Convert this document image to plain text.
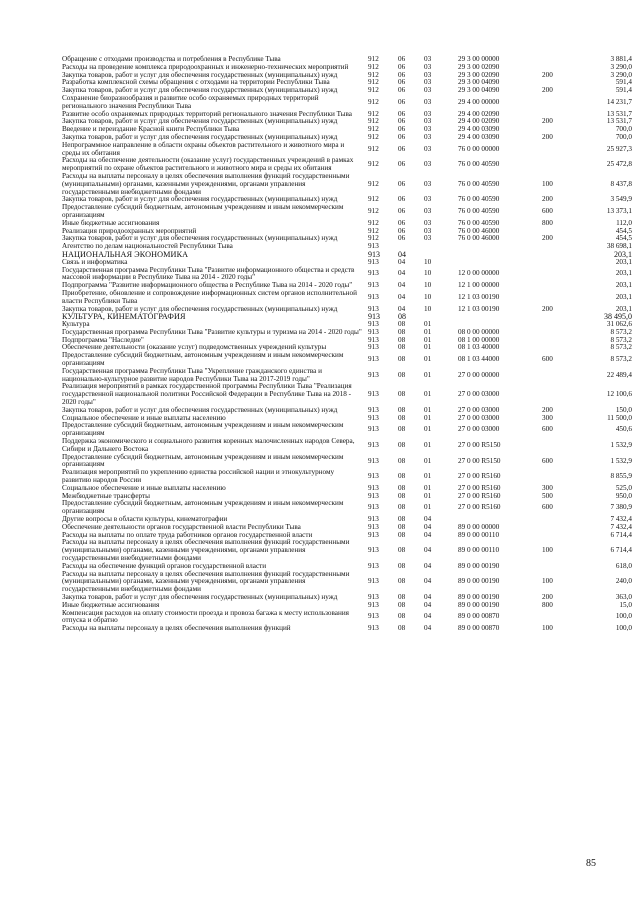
Обращение с отходами производства и потребления в Республике Тыва	912	06	03	29 3 00 00000		3 881,4
Расходы на проведение комплекса природоохранных и инженерно-технических мероприятий	912	06	03	29 3 00 02090		3 290,0
Закупка товаров, работ и услуг для обеспечения государственных (муниципальных) нужд	912	06	03	29 3 00 02090	200	3 290,0
Разработка комплексной схемы обращения с отходами на территории Республики Тыва	912	06	03	29 3 00 04090		591,4
Закупка товаров, работ и услуг для обеспечения государственных (муниципальных) нужд	912	06	03	29 3 00 04090	200	591,4
Сохранение биоразнообразия и развитие особо охраняемых природных территорий регионального значения Республики Тыва	912	06	03	29 4 00 00000		14 231,7
Развитие особо охраняемых природных территорий регионального значения Республики Тыва	912	06	03	29 4 00 02090		13 531,7
Закупка товаров, работ и услуг для обеспечения государственных (муниципальных) нужд	912	06	03	29 4 00 02090	200	13 531,7
Введение и переиздание Красной книги Республики Тыва	912	06	03	29 4 00 03090		700,0
Закупка товаров, работ и услуг для обеспечения государственных (муниципальных) нужд	912	06	03	29 4 00 03090	200	700,0
Непрограммное направление в области охраны объектов растительного и животного мира и среды их обитания	912	06	03	76 0 00 00000		25 927,3
Расходы на обеспечение деятельности (оказание услуг) государственных учреждений в рамках мероприятий по охране объектов растительного и животного мира и среды их обитания	912	06	03	76 0 00 40590		25 472,8
Расходы на выплаты персоналу в целях обеспечения выполнения функций государственными (муниципальными) органами, казенными учреждениями, органами управления государственными внебюджетными фондами	912	06	03	76 0 00 40590	100	8 437,8
Закупка товаров, работ и услуг для обеспечения государственных (муниципальных) нужд	912	06	03	76 0 00 40590	200	3 549,9
Предоставление субсидий бюджетным, автономным учреждениям и иным некоммерческим организациям	912	06	03	76 0 00 40590	600	13 373,1
Иные бюджетные ассигнования	912	06	03	76 0 00 40590	800	112,0
Реализация природоохранных мероприятий	912	06	03	76 0 00 46000		454,5
Закупка товаров, работ и услуг для обеспечения государственных (муниципальных) нужд	912	06	03	76 0 00 46000	200	454,5
Агентство по делам национальностей Республики Тыва	913					38 698,1
НАЦИОНАЛЬНАЯ ЭКОНОМИКА	913	04				203,1
Связь и информатика	913	04	10			203,1
Государственная программа Республики Тыва "Развитие информационного общества и средств массовой информации в Республике Тыва на 2014 - 2020 годы"	913	04	10	12 0 00 00000		203,1
Подпрограмма "Развитие информационного общества в Республике Тыва на 2014 - 2020 годы"	913	04	10	12 1 00 00000		203,1
Приобретение, обновление и сопровождение информационных систем органов исполнительной власти Республики Тыва	913	04	10	12 1 03 00190		203,1
Закупка товаров, работ и услуг для обеспечения государственных (муниципальных) нужд	913	04	10	12 1 03 00190	200	203,1
КУЛЬТУРА, КИНЕМАТОГРАФИЯ	913	08				38 495,0
Культура	913	08	01			31 062,6
Государственная программа Республики Тыва "Развитие культуры и туризма на 2014 - 2020 годы"	913	08	01	08 0 00 00000		8 573,2
Подпрограмма "Наследие"	913	08	01	08 1 00 00000		8 573,2
Обеспечение деятельности (оказание услуг) подведомственных учреждений культуры	913	08	01	08 1 03 40000		8 573,2
Предоставление субсидий бюджетным, автономным учреждениям и иным некоммерческим организациям	913	08	01	08 1 03 44000	600	8 573,2
Государственная программа Республики Тыва "Укрепление гражданского единства и национально-культурное развитие народов Республики Тыва на 2017-2019 годы"	913	08	01	27 0 00 00000		22 489,4
Реализация мероприятий в рамках государственной программы Республики Тыва "Реализация государственной национальной политики Российской Федерации в Республике Тыва на 2018 - 2020 годы"	913	08	01	27 0 00 03000		12 100,6
Закупка товаров, работ и услуг для обеспечения государственных (муниципальных) нужд	913	08	01	27 0 00 03000	200	150,0
Социальное обеспечение и иные выплаты населению	913	08	01	27 0 00 03000	300	11 500,0
Предоставление субсидий бюджетным, автономным учреждениям и иным некоммерческим организациям	913	08	01	27 0 00 03000	600	450,6
Поддержка экономического и социального развития коренных малочисленных народов Севера, Сибири и Дальнего Востока	913	08	01	27 0 00 R5150		1 532,9
Предоставление субсидий бюджетным, автономным учреждениям и иным некоммерческим организациям	913	08	01	27 0 00 R5150	600	1 532,9
Реализация мероприятий по укреплению единства российской нации и этнокультурному развитию народов России	913	08	01	27 0 00 R5160		8 855,9
Социальное обеспечение и иные выплаты населению	913	08	01	27 0 00 R5160	300	525,0
Межбюджетные трансферты	913	08	01	27 0 00 R5160	500	950,0
Предоставление субсидий бюджетным, автономным учреждениям и иным некоммерческим организациям	913	08	01	27 0 00 R5160	600	7 380,9
Другие вопросы в области культуры, кинематографии	913	08	04			7 432,4
Обеспечение деятельности органов государственной власти Республики Тыва	913	08	04	89 0 00 00000		7 432,4
Расходы на выплаты по оплате труда работников органов государственной власти	913	08	04	89 0 00 00110		6 714,4
Расходы на выплаты персоналу в целях обеспечения выполнения функций государственными (муниципальными) органами, казенными учреждениями, органами управления государственными внебюджетными фондами	913	08	04	89 0 00 00110	100	6 714,4
Расходы на обеспечение функций органов государственной власти	913	08	04	89 0 00 00190		618,0
Расходы на выплаты персоналу в целях обеспечения выполнения функций государственными (муниципальными) органами, казенными учреждениями, органами управления государственными внебюджетными фондами	913	08	04	89 0 00 00190	100	240,0
Закупка товаров, работ и услуг для обеспечения государственных (муниципальных) нужд	913	08	04	89 0 00 00190	200	363,0
Иные бюджетные ассигнования	913	08	04	89 0 00 00190	800	15,0
Компенсация расходов на оплату стоимости проезда и провоза багажа к месту использования отпуска и обратно	913	08	04	89 0 00 00870		100,0
Расходы на выплаты персоналу в целях обеспечения выполнения функций	913	08	04	89 0 00 00870	100	100,0
85
